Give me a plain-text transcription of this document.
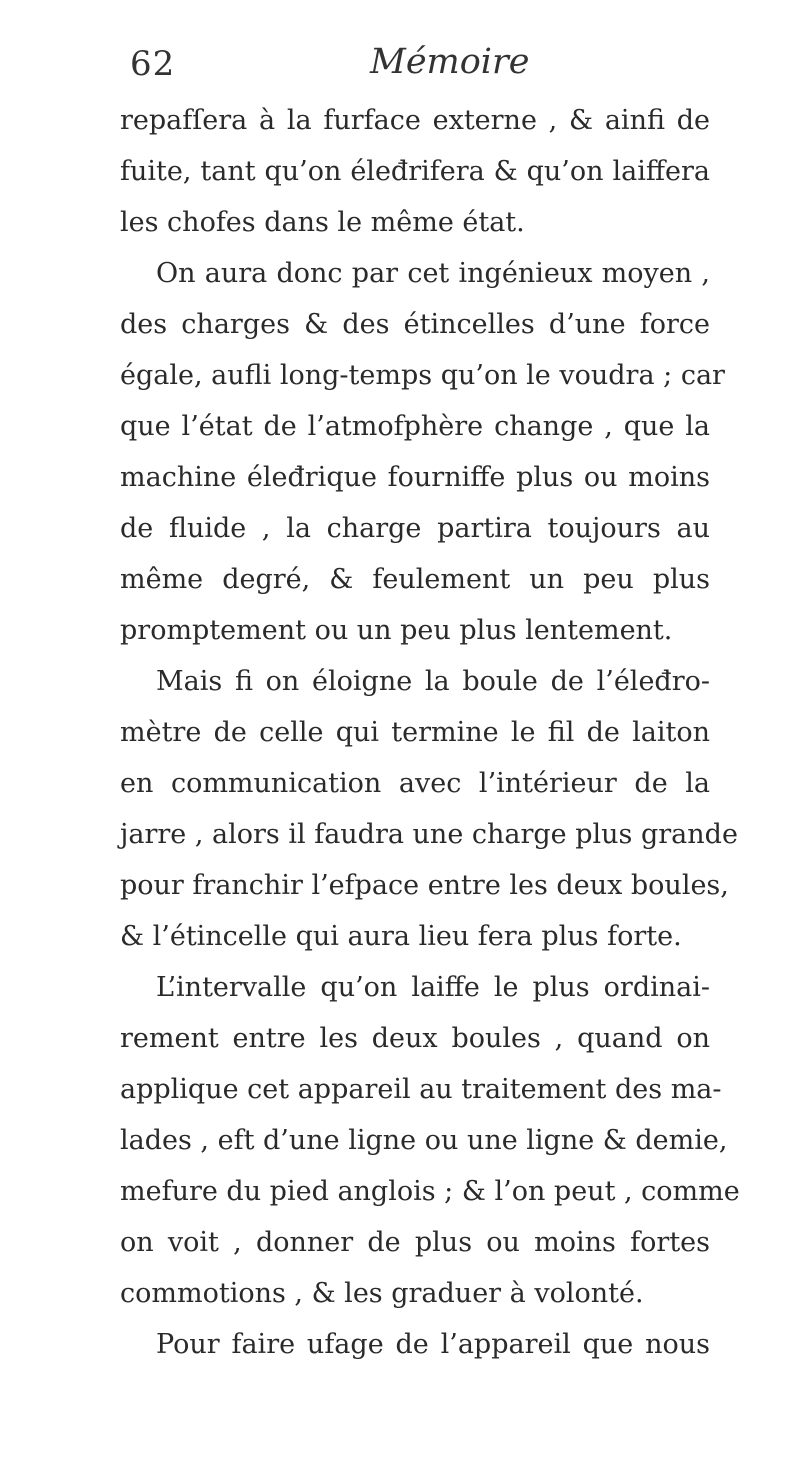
62	Mémoire
repafſera à la furface externe , & ainfi de
fuite, tant qu’on éleđrifera & qu’on laiffera
les chofes dans le même état.
On aura donc par cet ingénieux moyen ,
des charges & des étincelles d’une force
égale, aufli long-temps qu’on le voudra ; car
que l’état de l’atmofphère change , que la
machine éleđrique fourniffe plus ou moins
de fluide , la charge partira toujours au
même degré, & feulement un peu plus
promptement ou un peu plus lentement.
Mais fi on éloigne la boule de l’éleđro-
mètre de celle qui termine le fil de laiton
en communication avec l’intérieur de la
jarre , alors il faudra une charge plus grande
pour franchir l’efpace entre les deux boules,
& l’étincelle qui aura lieu fera plus forte.
L’intervalle qu’on laiffe le plus ordinai-
rement entre les deux boules , quand on
applique cet appareil au traitement des ma-
lades , eft d’une ligne ou une ligne & demie,
mefure du pied anglois ; & l’on peut , comme
on voit , donner de plus ou moins fortes
commotions , & les graduer à volonté.
Pour faire ufage de l’appareil que nous
